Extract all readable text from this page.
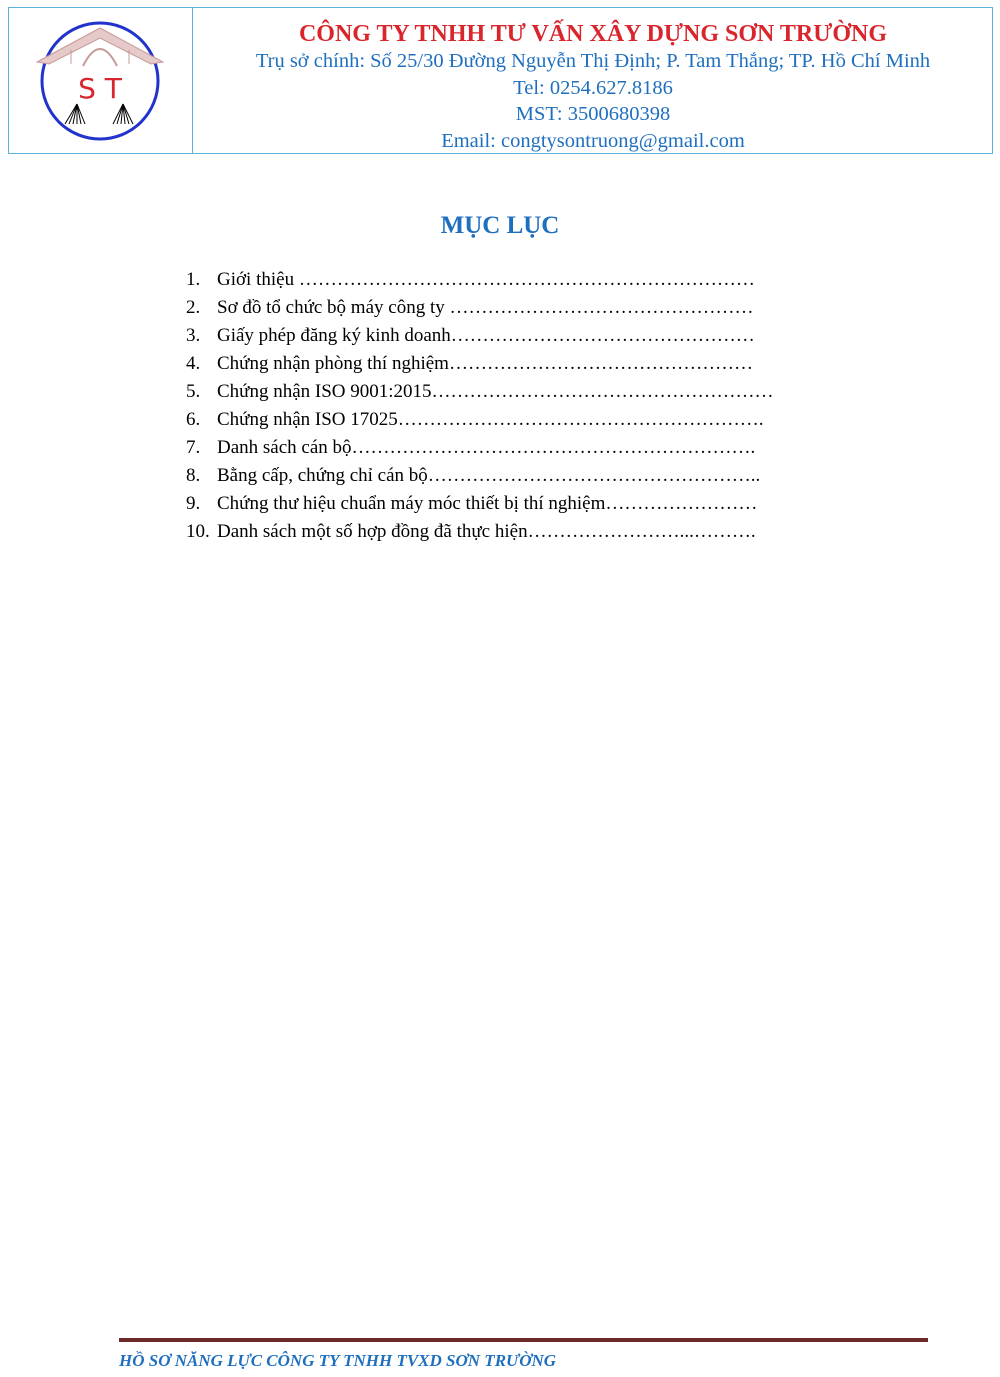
S T
CÔNG TY TNHH TƯ VẤN XÂY DỰNG SƠN TRƯỜNG
Trụ sở chính: Số 25/30 Đường Nguyễn Thị Định; P. Tam Thắng; TP. Hồ Chí Minh
Tel: 0254.627.8186
MST: 3500680398
Email: congtysontruong@gmail.com
MỤC LỤC
1. Giới thiệu ………………………………………………………………
2. Sơ đồ tổ chức bộ máy công ty …………………………………………
3. Giấy phép đăng ký kinh doanh…………………………………………
4. Chứng nhận phòng thí nghiệm…………………………………………
5. Chứng nhận ISO 9001:2015………………………………………………
6. Chứng nhận ISO 17025………………………………………………….
7. Danh sách cán bộ……………………………………………………….
8. Bằng cấp, chứng chỉ cán bộ……………………………………………..
9. Chứng thư hiệu chuẩn máy móc thiết bị thí nghiệm……………………
10. Danh sách một số hợp đồng đã thực hiện……………………...……….
HỒ SƠ NĂNG LỰC CÔNG TY TNHH TVXD SƠN TRƯỜNG
